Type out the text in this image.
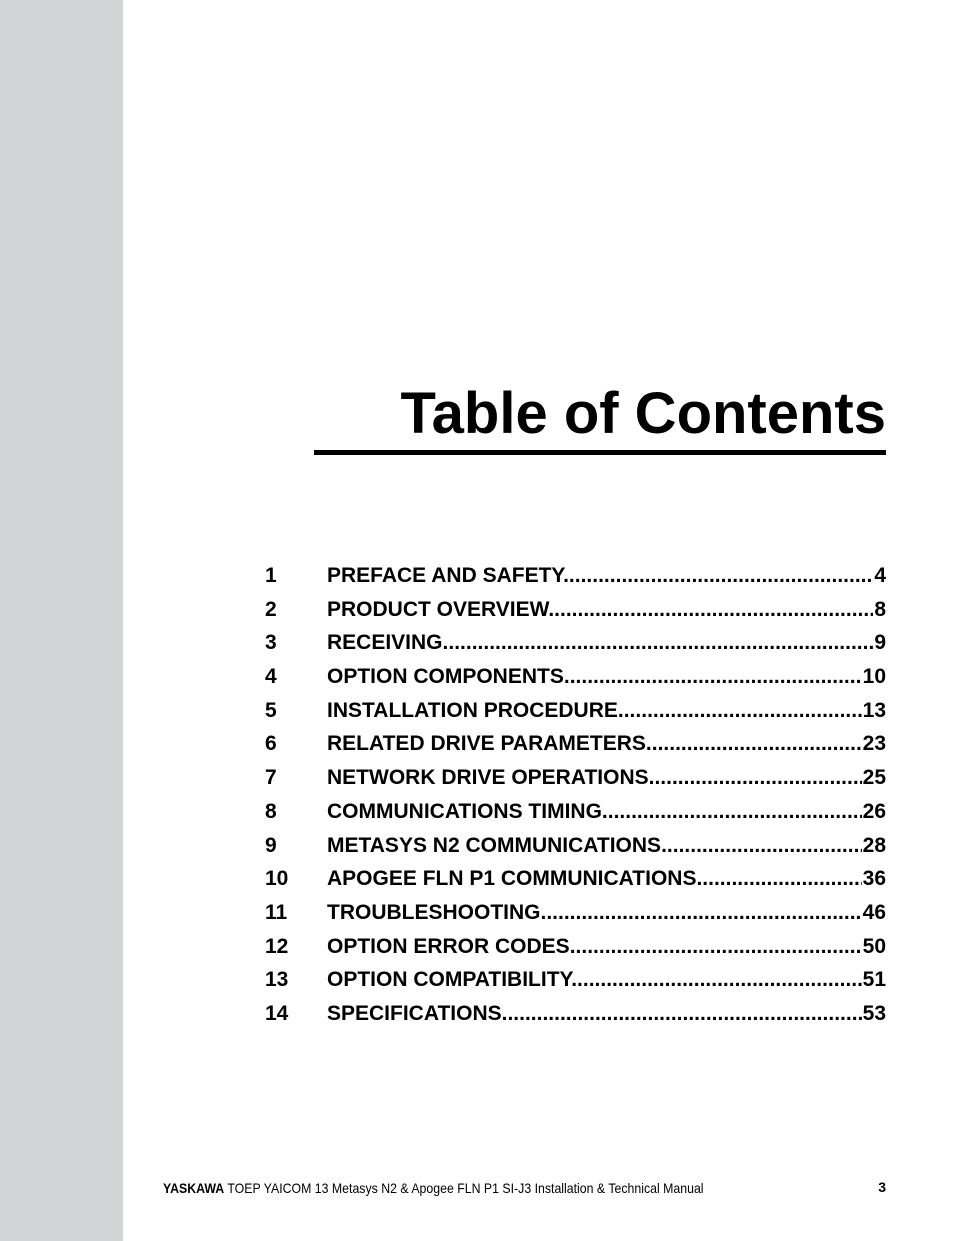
Table of Contents
1	PREFACE AND SAFETY .....	4
2	PRODUCT OVERVIEW .....	8
3	RECEIVING .....	9
4	OPTION COMPONENTS .....	10
5	INSTALLATION PROCEDURE .....	13
6	RELATED DRIVE PARAMETERS .....	23
7	NETWORK DRIVE OPERATIONS .....	25
8	COMMUNICATIONS TIMING .....	26
9	METASYS N2 COMMUNICATIONS .....	28
10	APOGEE FLN P1 COMMUNICATIONS .....	36
11	TROUBLESHOOTING .....	46
12	OPTION ERROR CODES .....	50
13	OPTION COMPATIBILITY .....	51
14	SPECIFICATIONS .....	53
YASKAWA TOEP YAICOM 13 Metasys N2 & Apogee FLN P1 SI-J3 Installation & Technical Manual	3
